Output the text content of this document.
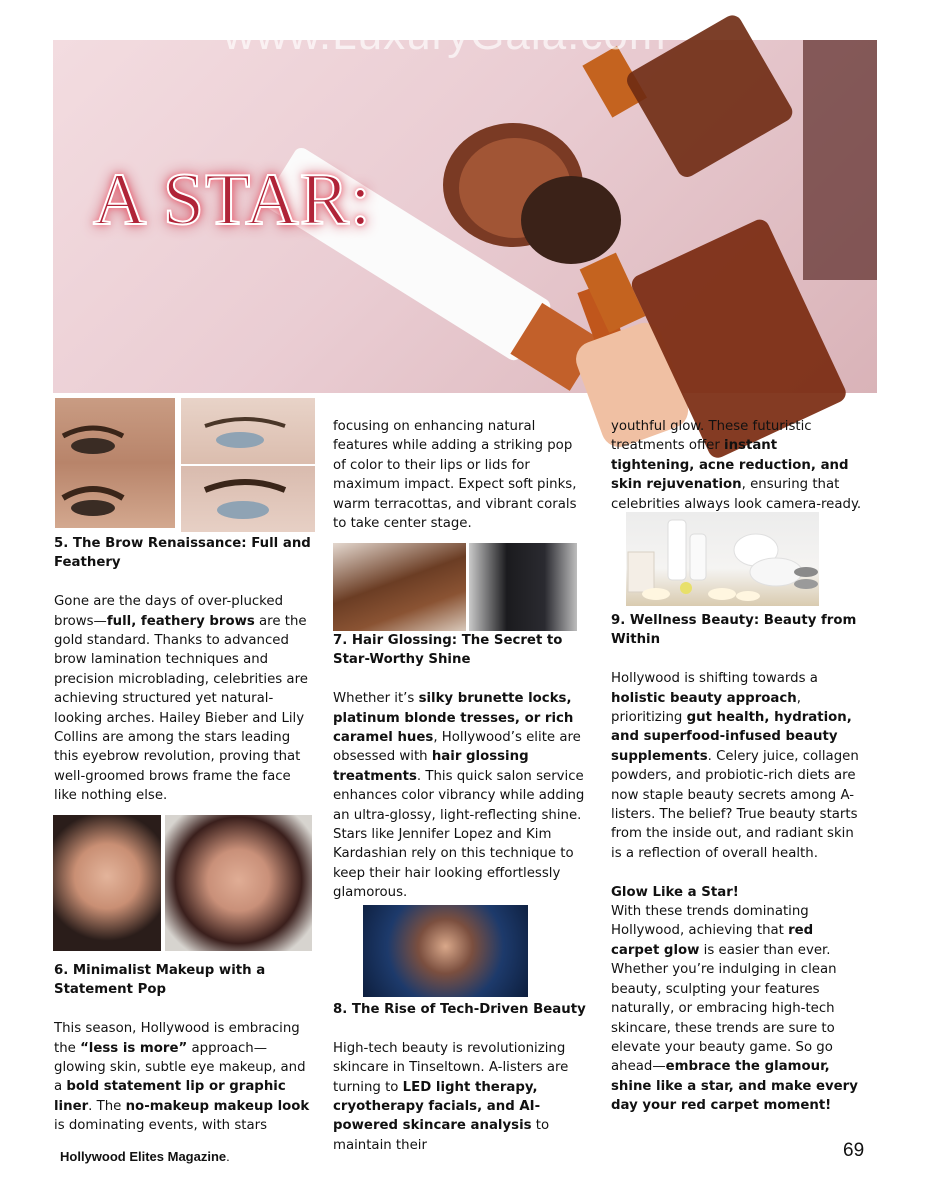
www.LuxuryGala.com
A STAR:
5. The Brow Renaissance: Full and Feathery

Gone are the days of over-plucked brows—full, feathery brows are the gold standard. Thanks to advanced brow lamination techniques and precision microblading, celebrities are achieving structured yet natural-looking arches. Hailey Bieber and Lily Collins are among the stars leading this eyebrow revolution, proving that well-groomed brows frame the face like nothing else.

6. Minimalist Makeup with a Statement Pop

This season, Hollywood is embracing the “less is more” approach—glowing skin, subtle eye makeup, and a bold statement lip or graphic liner. The no-makeup makeup look is dominating events, with stars

focusing on enhancing natural features while adding a striking pop of color to their lips or lids for maximum impact. Expect soft pinks, warm terracottas, and vibrant corals to take center stage.

7. Hair Glossing: The Secret to Star-Worthy Shine

Whether it’s silky brunette locks, platinum blonde tresses, or rich caramel hues, Hollywood’s elite are obsessed with hair glossing treatments. This quick salon service enhances color vibrancy while adding an ultra-glossy, light-reflecting shine. Stars like Jennifer Lopez and Kim Kardashian rely on this technique to keep their hair looking effortlessly glamorous.

8. The Rise of Tech-Driven Beauty

High-tech beauty is revolutionizing skincare in Tinseltown. A-listers are turning to LED light therapy, cryotherapy facials, and AI-powered skincare analysis to maintain their

youthful glow. These futuristic treatments offer instant tightening, acne reduction, and skin rejuvenation, ensuring that celebrities always look camera-ready.

9. Wellness Beauty: Beauty from Within

Hollywood is shifting towards a holistic beauty approach, prioritizing gut health, hydration, and superfood-infused beauty supplements. Celery juice, collagen powders, and probiotic-rich diets are now staple beauty secrets among A-listers. The belief? True beauty starts from the inside out, and radiant skin is a reflection of overall health.

Glow Like a Star!

With these trends dominating Hollywood, achieving that red carpet glow is easier than ever. Whether you’re indulging in clean beauty, sculpting your features naturally, or embracing high-tech skincare, these trends are sure to elevate your beauty game. So go ahead—embrace the glamour, shine like a star, and make every day your red carpet moment!

Hollywood Elites Magazine.	69
